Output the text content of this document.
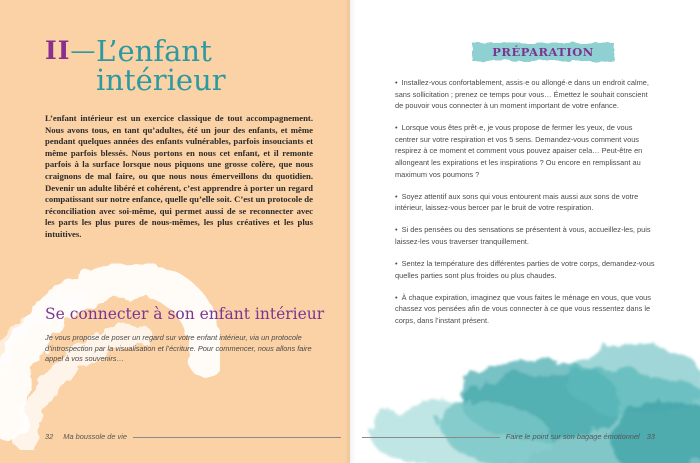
II— L’enfant
intérieur
L’enfant intérieur est un exercice classique de tout accompagnement. Nous avons tous, en tant qu’adultes, été un jour des enfants, et même pendant quelques années des enfants vulnérables, parfois insouciants et même parfois blessés. Nous portons en nous cet enfant, et il remonte parfois à la surface lorsque nous piquons une grosse colère, que nous craignons de mal faire, ou que nous nous émerveillons du quotidien. Devenir un adulte libéré et cohérent, c’est apprendre à porter un regard compatissant sur notre enfance, quelle qu’elle soit. C’est un protocole de réconciliation avec soi-même, qui permet aussi de se reconnecter avec les parts les plus pures de nous-mêmes, les plus créatives et les plus intuitives.
Se connecter à son enfant intérieur
Je vous propose de poser un regard sur votre enfant intérieur, via un protocole d’introspection par la visualisation et l’écriture. Pour commencer, nous allons faire appel à vos souvenirs…
32 Ma boussole de vie
PRÉPARATION
• Installez-vous confortablement, assis·e ou allongé·e dans un endroit calme, sans sollicitation ; prenez ce temps pour vous… Émettez le souhait conscient de pouvoir vous connecter à un moment important de votre enfance.
• Lorsque vous êtes prêt·e, je vous propose de fermer les yeux, de vous centrer sur votre respiration et vos 5 sens. Demandez-vous comment vous respirez à ce moment et comment vous pouvez apaiser cela… Peut-être en allongeant les expirations et les inspirations ? Ou encore en remplissant au maximum vos poumons ?
• Soyez attentif aux sons qui vous entourent mais aussi aux sons de votre intérieur, laissez-vous bercer par le bruit de votre respiration.
• Si des pensées ou des sensations se présentent à vous, accueillez-les, puis laissez-les vous traverser tranquillement.
• Sentez la température des différentes parties de votre corps, demandez-vous quelles parties sont plus froides ou plus chaudes.
• À chaque expiration, imaginez que vous faites le ménage en vous, que vous chassez vos pensées afin de vous connecter à ce que vous ressentez dans le corps, dans l’instant présent.
Faire le point sur son bagage émotionnel 33
